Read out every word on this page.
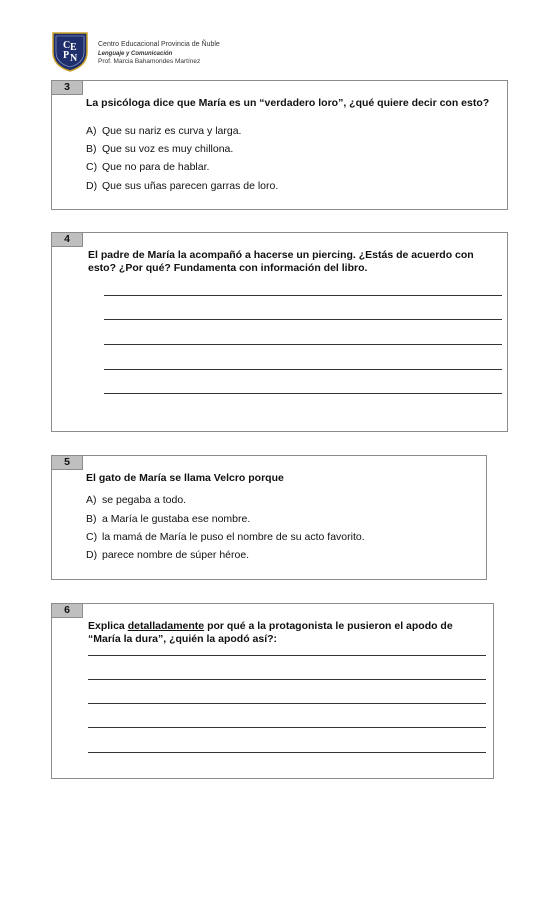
C E
P N
Centro Educacional Provincia de Ñuble
Lenguaje y Comunicación
Prof. Marcia Bahamondes Martínez
3
La psicóloga dice que María es un “verdadero loro”, ¿qué quiere decir con esto?
A) Que su nariz es curva y larga.
B) Que su voz es muy chillona.
C) Que no para de hablar.
D) Que sus uñas parecen garras de loro.
4
El padre de María la acompañó a hacerse un piercing. ¿Estás de acuerdo con
esto? ¿Por qué? Fundamenta con información del libro.
5
El gato de María se llama Velcro porque
A) se pegaba a todo.
B) a María le gustaba ese nombre.
C) la mamá de María le puso el nombre de su acto favorito.
D) parece nombre de súper héroe.
6
Explica detalladamente por qué a la protagonista le pusieron el apodo de
“María la dura”, ¿quién la apodó así?:
